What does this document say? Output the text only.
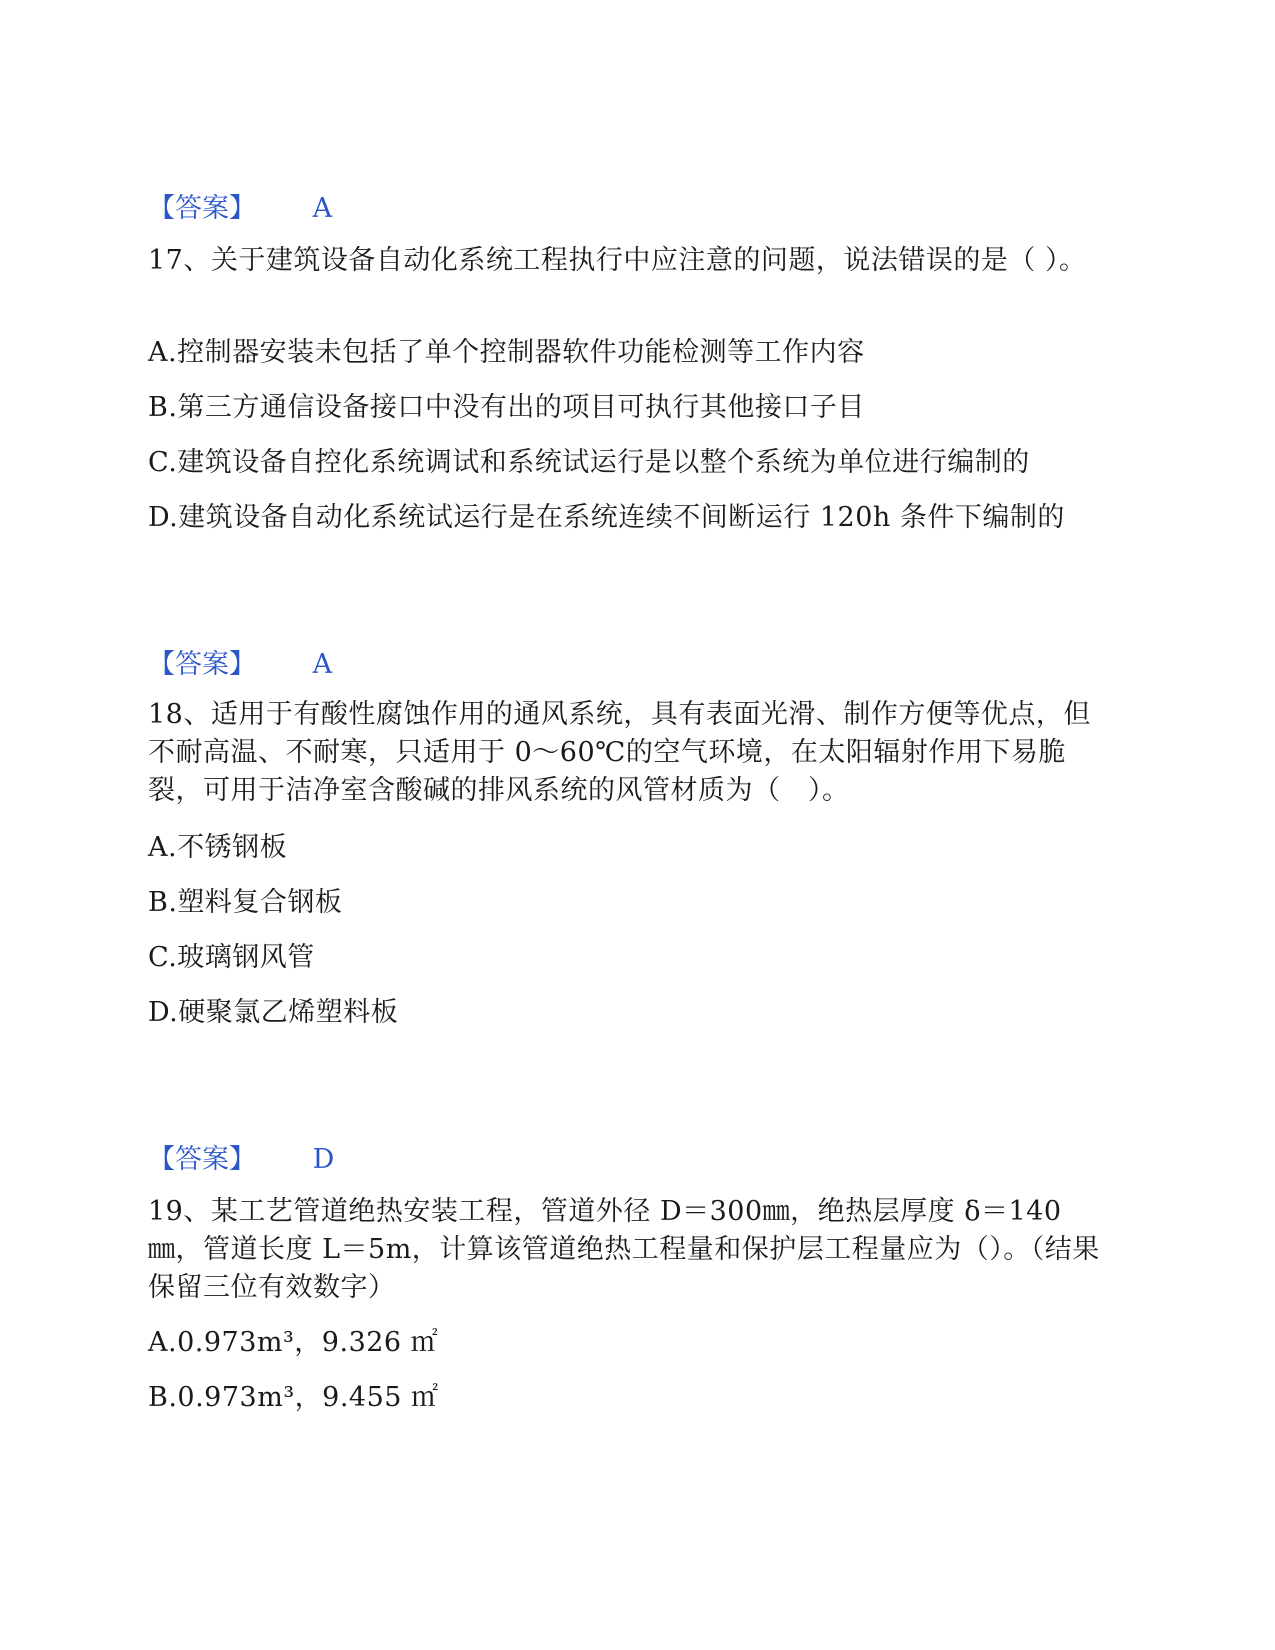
【答案】 A
17、关于建筑设备自动化系统工程执行中应注意的问题，说法错误的是（ ）。
A.控制器安装未包括了单个控制器软件功能检测等工作内容
B.第三方通信设备接口中没有出的项目可执行其他接口子目
C.建筑设备自控化系统调试和系统试运行是以整个系统为单位进行编制的
D.建筑设备自动化系统试运行是在系统连续不间断运行 120h 条件下编制的
【答案】 A
18、适用于有酸性腐蚀作用的通风系统，具有表面光滑、制作方便等优点，但不耐高温、不耐寒，只适用于 0～60℃的空气环境，在太阳辐射作用下易脆裂，可用于洁净室含酸碱的排风系统的风管材质为（　）。
A.不锈钢板
B.塑料复合钢板
C.玻璃钢风管
D.硬聚氯乙烯塑料板
【答案】 D
19、某工艺管道绝热安装工程，管道外径 D＝300㎜，绝热层厚度 δ＝140㎜，管道长度 L＝5m，计算该管道绝热工程量和保护层工程量应为（）。（结果保留三位有效数字）
A.0.973m³，9.326 ㎡
B.0.973m³，9.455 ㎡
